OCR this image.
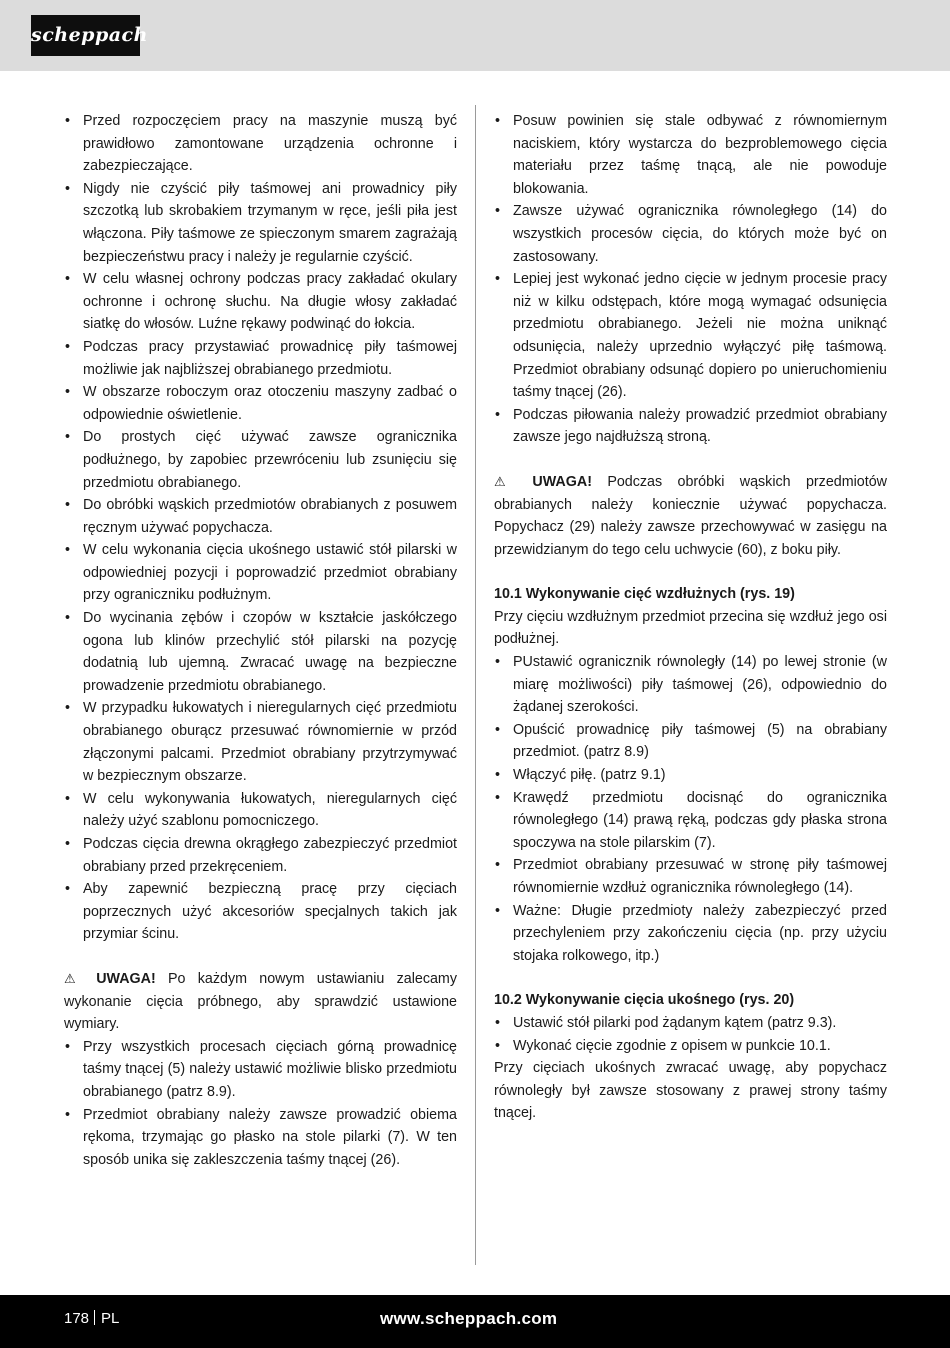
scheppach
• Przed rozpoczęciem pracy na maszynie muszą być prawidłowo zamontowane urządzenia ochronne i zabezpieczające.
• Nigdy nie czyścić piły taśmowej ani prowadnicy piły szczotką lub skrobakiem trzymanym w ręce, jeśli piła jest włączona. Piły taśmowe ze spieczonym smarem zagrażają bezpieczeństwu pracy i należy je regularnie czyścić.
• W celu własnej ochrony podczas pracy zakładać okulary ochronne i ochronę słuchu. Na długie włosy zakładać siatkę do włosów. Luźne rękawy podwinąć do łokcia.
• Podczas pracy przystawiać prowadnicę piły taśmowej możliwie jak najbliższej obrabianego przedmiotu.
• W obszarze roboczym oraz otoczeniu maszyny zadbać o odpowiednie oświetlenie.
• Do prostych cięć używać zawsze ogranicznika podłużnego, by zapobiec przewróceniu lub zsunięciu się przedmiotu obrabianego.
• Do obróbki wąskich przedmiotów obrabianych z posuwem ręcznym używać popychacza.
• W celu wykonania cięcia ukośnego ustawić stół pilarski w odpowiedniej pozycji i poprowadzić przedmiot obrabiany przy ograniczniku podłużnym.
• Do wycinania zębów i czopów w kształcie jaskółczego ogona lub klinów przechylić stół pilarski na pozycję dodatnią lub ujemną. Zwracać uwagę na bezpieczne prowadzenie przedmiotu obrabianego.
• W przypadku łukowatych i nieregularnych cięć przedmiotu obrabianego oburącz przesuwać równomiernie w przód złączonymi palcami. Przedmiot obrabiany przytrzymywać w bezpiecznym obszarze.
• W celu wykonywania łukowatych, nieregularnych cięć należy użyć szablonu pomocniczego.
• Podczas cięcia drewna okrągłego zabezpieczyć przedmiot obrabiany przed przekręceniem.
• Aby zapewnić bezpieczną pracę przy cięciach poprzecznych użyć akcesoriów specjalnych takich jak przymiar ścinu.

⚠ UWAGA! Po każdym nowym ustawianiu zalecamy wykonanie cięcia próbnego, aby sprawdzić ustawione wymiary.

• Przy wszystkich procesach cięciach górną prowadnicę taśmy tnącej (5) należy ustawić możliwie blisko przedmiotu obrabianego (patrz 8.9).
• Przedmiot obrabiany należy zawsze prowadzić obiema rękoma, trzymając go płasko na stole pilarki (7). W ten sposób unika się zakleszczenia taśmy tnącej (26).
• Posuw powinien się stale odbywać z równomiernym naciskiem, który wystarcza do bezproblemowego cięcia materiału przez taśmę tnącą, ale nie powoduje blokowania.
• Zawsze używać ogranicznika równoległego (14) do wszystkich procesów cięcia, do których może być on zastosowany.
• Lepiej jest wykonać jedno cięcie w jednym procesie pracy niż w kilku odstępach, które mogą wymagać odsunięcia przedmiotu obrabianego. Jeżeli nie można uniknąć odsunięcia, należy uprzednio wyłączyć piłę taśmową. Przedmiot obrabiany odsunąć dopiero po unieruchomieniu taśmy tnącej (26).
• Podczas piłowania należy prowadzić przedmiot obrabiany zawsze jego najdłuższą stroną.

⚠ UWAGA! Podczas obróbki wąskich przedmiotów obrabianych należy koniecznie używać popychacza. Popychacz (29) należy zawsze przechowywać w zasięgu na przewidzianym do tego celu uchwycie (60), z boku piły.

10.1 Wykonywanie cięć wzdłużnych (rys. 19)

Przy cięciu wzdłużnym przedmiot przecina się wzdłuż jego osi podłużnej.

• PUstawić ogranicznik równoległy (14) po lewej stronie (w miarę możliwości) piły taśmowej (26), odpowiednio do żądanej szerokości.
• Opuścić prowadnicę piły taśmowej (5) na obrabiany przedmiot. (patrz 8.9)
• Włączyć piłę. (patrz 9.1)
• Krawędź przedmiotu docisnąć do ogranicznika równoległego (14) prawą ręką, podczas gdy płaska strona spoczywa na stole pilarskim (7).
• Przedmiot obrabiany przesuwać w stronę piły taśmowej równomiernie wzdłuż ogranicznika równoległego (14).
• Ważne: Długie przedmioty należy zabezpieczyć przed przechyleniem przy zakończeniu cięcia (np. przy użyciu stojaka rolkowego, itp.)

10.2 Wykonywanie cięcia ukośnego (rys. 20)

• Ustawić stół pilarki pod żądanym kątem (patrz 9.3).
• Wykonać cięcie zgodnie z opisem w punkcie 10.1.

Przy cięciach ukośnych zwracać uwagę, aby popychacz równoległy był zawsze stosowany z prawej strony taśmy tnącej.

178 PL	www.scheppach.com
